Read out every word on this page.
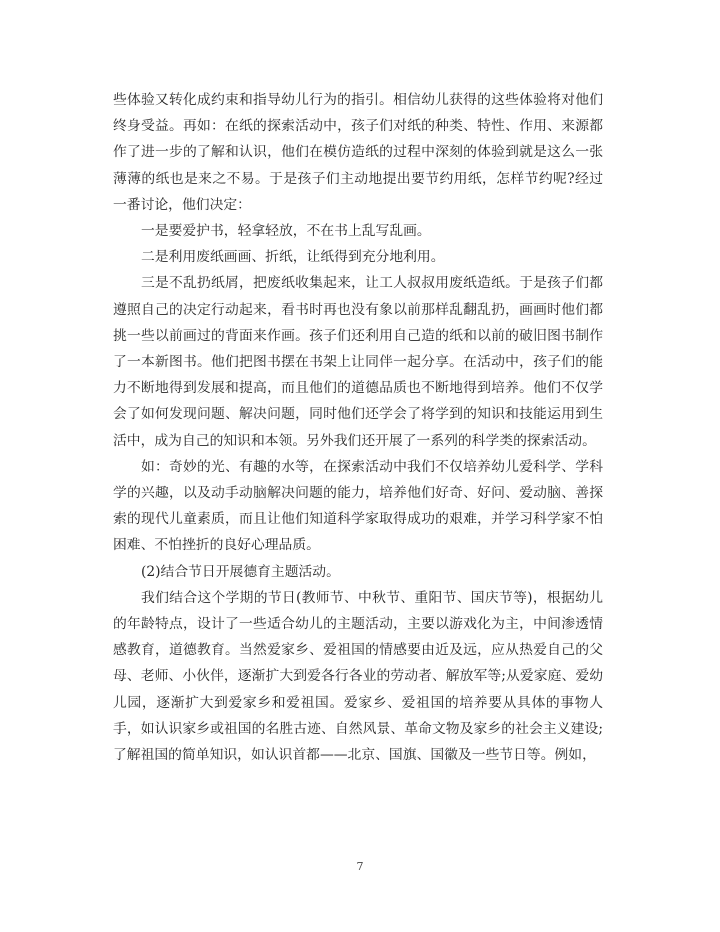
些体验又转化成约束和指导幼儿行为的指引。相信幼儿获得的这些体验将对他们终身受益。再如：在纸的探索活动中，孩子们对纸的种类、特性、作用、来源都作了进一步的了解和认识，他们在模仿造纸的过程中深刻的体验到就是这么一张薄薄的纸也是来之不易。于是孩子们主动地提出要节约用纸，怎样节约呢?经过一番讨论，他们决定：

一是要爱护书，轻拿轻放，不在书上乱写乱画。

二是利用废纸画画、折纸，让纸得到充分地利用。

三是不乱扔纸屑，把废纸收集起来，让工人叔叔用废纸造纸。于是孩子们都遵照自己的决定行动起来，看书时再也没有象以前那样乱翻乱扔，画画时他们都挑一些以前画过的背面来作画。孩子们还利用自己造的纸和以前的破旧图书制作了一本新图书。他们把图书摆在书架上让同伴一起分享。在活动中，孩子们的能力不断地得到发展和提高，而且他们的道德品质也不断地得到培养。他们不仅学会了如何发现问题、解决问题，同时他们还学会了将学到的知识和技能运用到生活中，成为自己的知识和本领。另外我们还开展了一系列的科学类的探索活动。

如：奇妙的光、有趣的水等，在探索活动中我们不仅培养幼儿爱科学、学科学的兴趣，以及动手动脑解决问题的能力，培养他们好奇、好问、爱动脑、善探索的现代儿童素质，而且让他们知道科学家取得成功的艰难，并学习科学家不怕困难、不怕挫折的良好心理品质。

(2)结合节日开展德育主题活动。

我们结合这个学期的节日(教师节、中秋节、重阳节、国庆节等)，根据幼儿的年龄特点，设计了一些适合幼儿的主题活动，主要以游戏化为主，中间渗透情感教育，道德教育。当然爱家乡、爱祖国的情感要由近及远，应从热爱自己的父母、老师、小伙伴，逐渐扩大到爱各行各业的劳动者、解放军等;从爱家庭、爱幼儿园，逐渐扩大到爱家乡和爱祖国。爱家乡、爱祖国的培养要从具体的事物人手，如认识家乡或祖国的名胜古迹、自然风景、革命文物及家乡的社会主义建设;了解祖国的简单知识，如认识首都——北京、国旗、国徽及一些节日等。例如，

7
